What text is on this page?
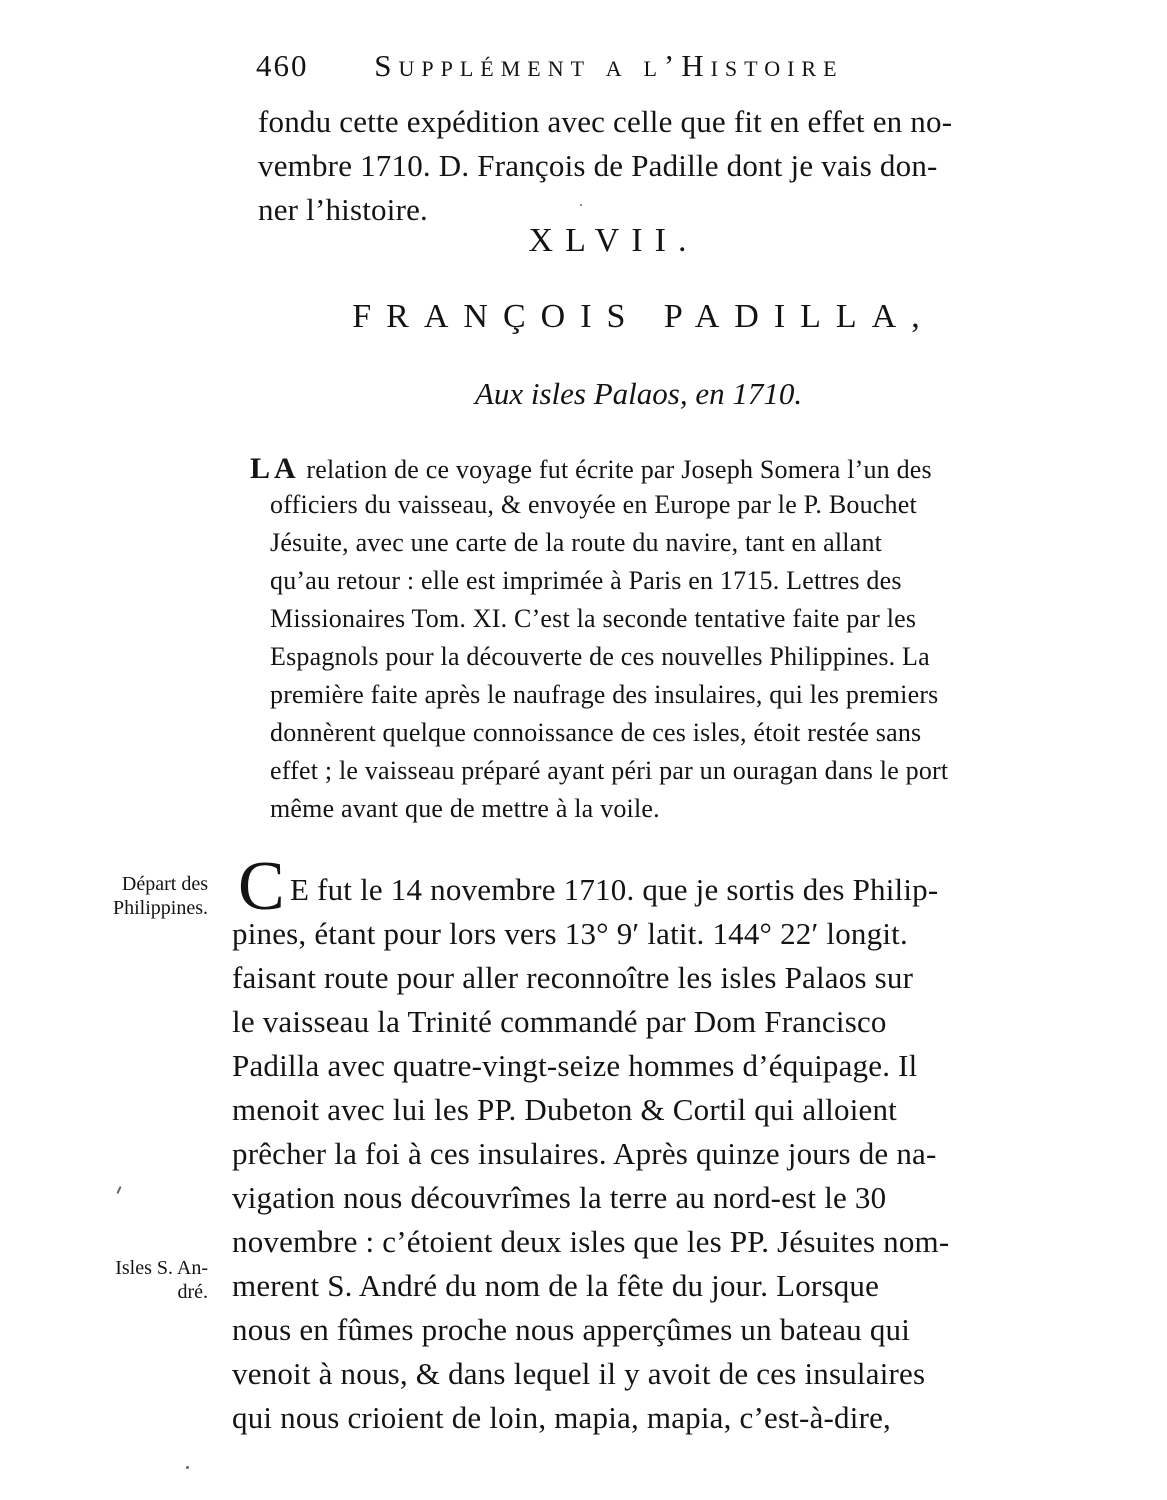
460 Supplément a l’Histoire
fondu cette expédition avec celle que fit en effet en no-
vembre 1710. D. François de Padille dont je vais don-
ner l’histoire.
XLVII.
FRANÇOIS PADILLA,
Aux isles Palaos, en 1710.
LA relation de ce voyage fut écrite par Joseph Somera l’un des
officiers du vaisseau, & envoyée en Europe par le P. Bouchet
Jésuite, avec une carte de la route du navire, tant en allant
qu’au retour : elle est imprimée à Paris en 1715. Lettres des
Missionaires Tom. XI. C’est la seconde tentative faite par les
Espagnols pour la découverte de ces nouvelles Philippines. La
première faite après le naufrage des insulaires, qui les premiers
donnèrent quelque connoissance de ces isles, étoit restée sans
effet ; le vaisseau préparé ayant péri par un ouragan dans le port
même avant que de mettre à la voile.
Départ des
Philippines.
Isles S. An-
dré.
C E fut le 14 novembre 1710. que je sortis des Philip-
pines, étant pour lors vers 13° 9′ latit. 144° 22′ longit.
faisant route pour aller reconnoître les isles Palaos sur
le vaisseau la Trinité commandé par Dom Francisco
Padilla avec quatre-vingt-seize hommes d’équipage. Il
menoit avec lui les PP. Dubeton & Cortil qui alloient
prêcher la foi à ces insulaires. Après quinze jours de na-
vigation nous découvrîmes la terre au nord-est le 30
novembre : c’étoient deux isles que les PP. Jésuites nom-
merent S. André du nom de la fête du jour. Lorsque
nous en fûmes proche nous apperçûmes un bateau qui
venoit à nous, & dans lequel il y avoit de ces insulaires
qui nous crioient de loin, mapia, mapia, c’est-à-dire,
